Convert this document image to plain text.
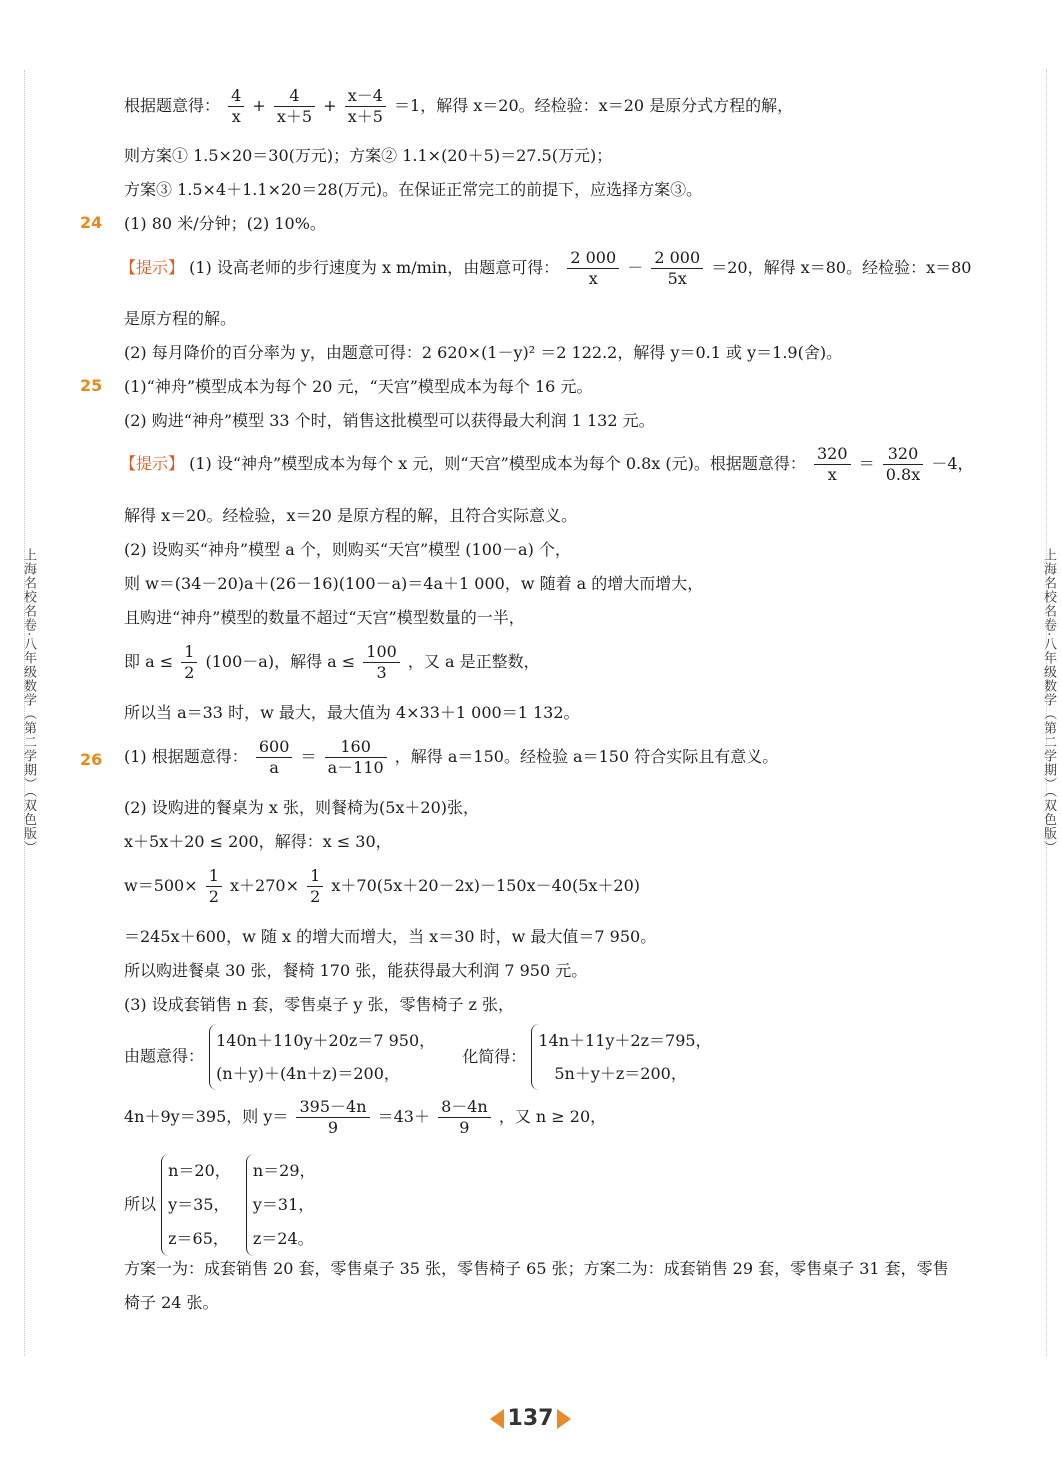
上海名校名卷·八年级数学（第二学期）（双色版）	上海名校名卷·八年级数学（第二学期）（双色版）
根据题意得： $\frac{4}{x} + \frac{4}{x+5} + \frac{x-4}{x+5} =1$，解得 x＝20。经检验：x＝20 是原分式方程的解，
则方案① 1.5×20＝30(万元)；方案② 1.1×(20＋5)＝27.5(万元)；
方案③ 1.5×4＋1.1×20＝28(万元)。在保证正常完工的前提下，应选择方案③。
24 (1) 80 米/分钟；(2) 10%。
【提示】 (1) 设高老师的步行速度为 x m/min，由题意可得： $\frac{2 000}{x} - \frac{2 000}{5x} =20$，解得 x＝80。经检验：x＝80
是原方程的解。
(2) 每月降价的百分率为 y，由题意可得：2 620×(1－y)² ＝2 122.2，解得 y＝0.1 或 y＝1.9(舍)。
25 (1)“神舟”模型成本为每个 20 元，“天宫”模型成本为每个 16 元。
(2) 购进“神舟”模型 33 个时，销售这批模型可以获得最大利润 1 132 元。
【提示】 (1) 设“神舟”模型成本为每个 x 元，则“天宫”模型成本为每个 0.8x (元)。根据题意得： $\frac{320}{x} = \frac{320}{0.8x} -4$，
解得 x＝20。经检验，x＝20 是原方程的解，且符合实际意义。
(2) 设购买“神舟”模型 a 个，则购买“天宫”模型 (100－a) 个，
则 w＝(34－20)a＋(26－16)(100－a)＝4a＋1 000，w 随着 a 的增大而增大，
且购进“神舟”模型的数量不超过“天宫”模型数量的一半，
即 $a \le \frac{1}{2} (100-a)$，解得 $a \le \frac{100}{3}$ ，又 a 是正整数，
所以当 a＝33 时，w 最大，最大值为 4×33＋1 000＝1 132。
26 (1) 根据题意得： $\frac{600}{a} = \frac{160}{a-110}$ ，解得 a＝150。经检验 a＝150 符合实际且有意义。
(2) 设购进的餐桌为 x 张，则餐椅为(5x＋20)张，
x＋5x＋20 ≤ 200，解得：x ≤ 30，
$w=500\times \frac{1}{2} x+270\times \frac{1}{2} x+70(5x+20-2x)-150x-40(5x+20)$
＝245x＋600，w 随 x 的增大而增大，当 x＝30 时，w 最大值＝7 950。
所以购进餐桌 30 张，餐椅 170 张，能获得最大利润 7 950 元。
(3) 设成套销售 n 套，零售桌子 y 张，零售椅子 z 张，
由题意得：
140n＋110y＋20z＝7 950，
(n＋y)＋(4n＋z)＝200，
化简得：
14n＋11y＋2z＝795，
5n＋y＋z＝200，
4n＋9y＝395，则 $y= \frac{395-4n}{9} =43+ \frac{8-4n}{9}$ ，又 n ≥ 20，
所以
n＝20，
y＝35，
z＝65，

n＝29，
y＝31，
z＝24。
方案一为：成套销售 20 套，零售桌子 35 张，零售椅子 65 张；方案二为：成套销售 29 套，零售桌子 31 套，零售
椅子 24 张。
137
